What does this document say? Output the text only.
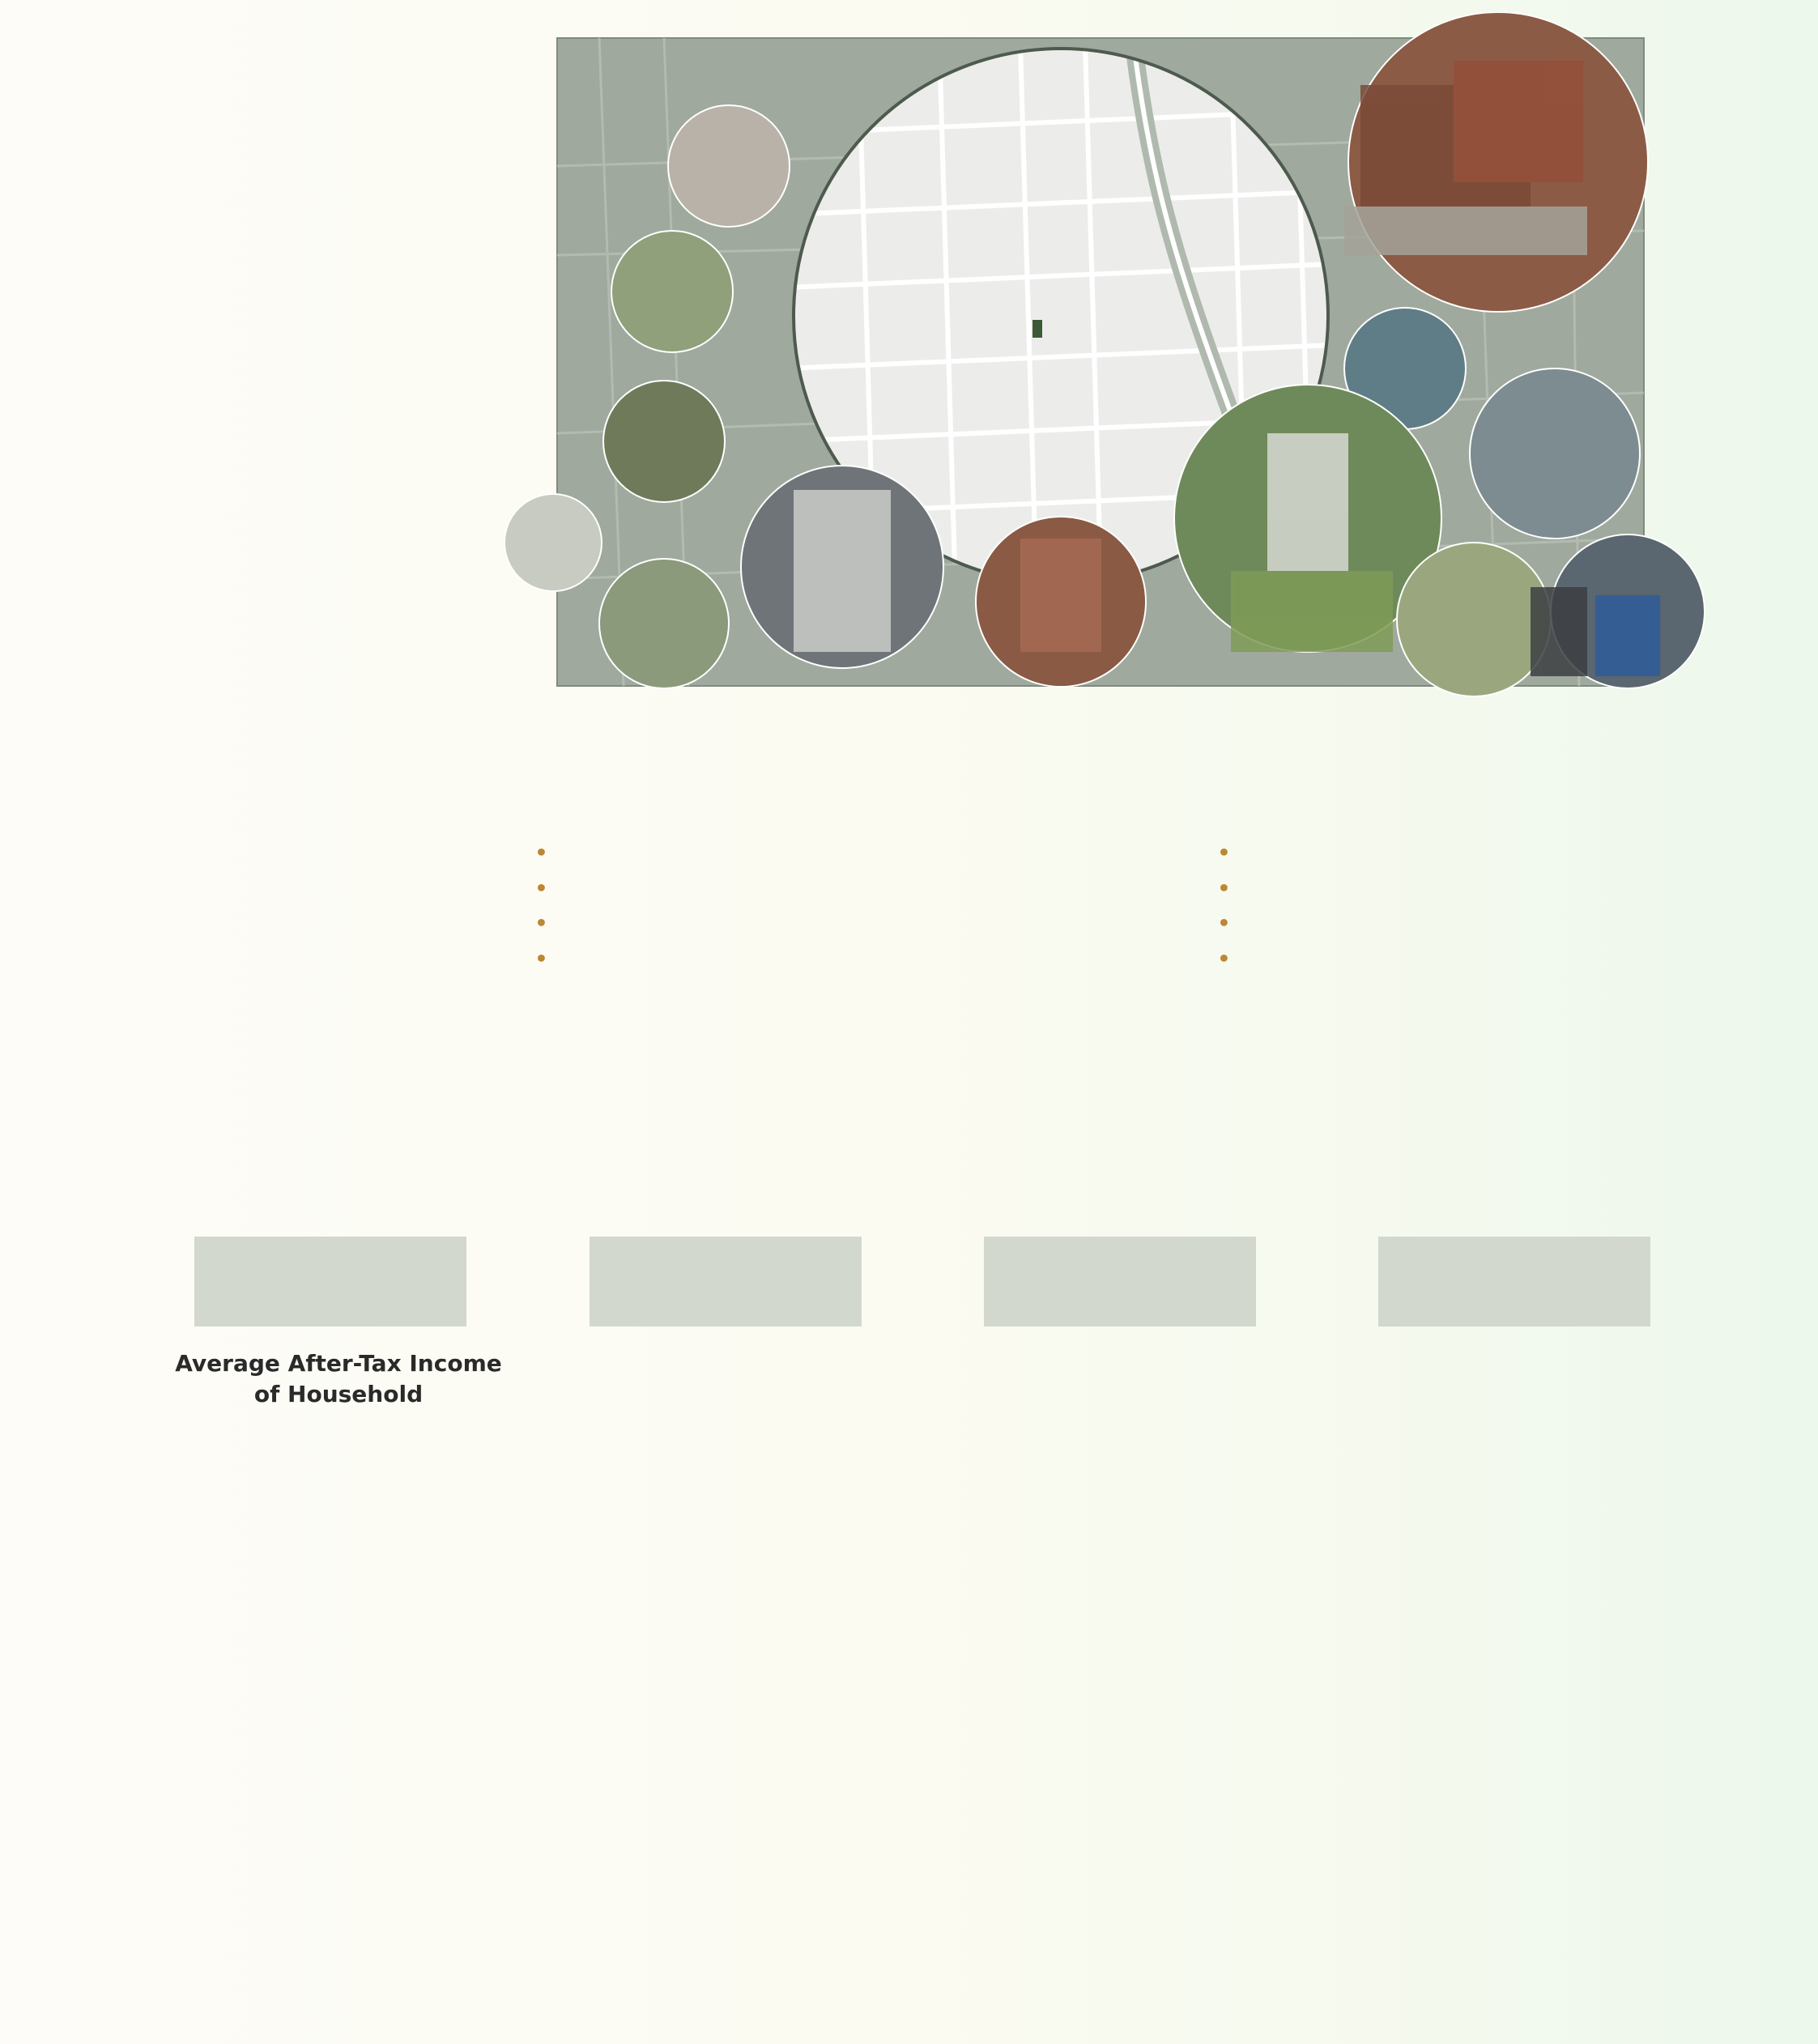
•
•
•
•
•
•
•
•
Average After-Tax Income
of Household
